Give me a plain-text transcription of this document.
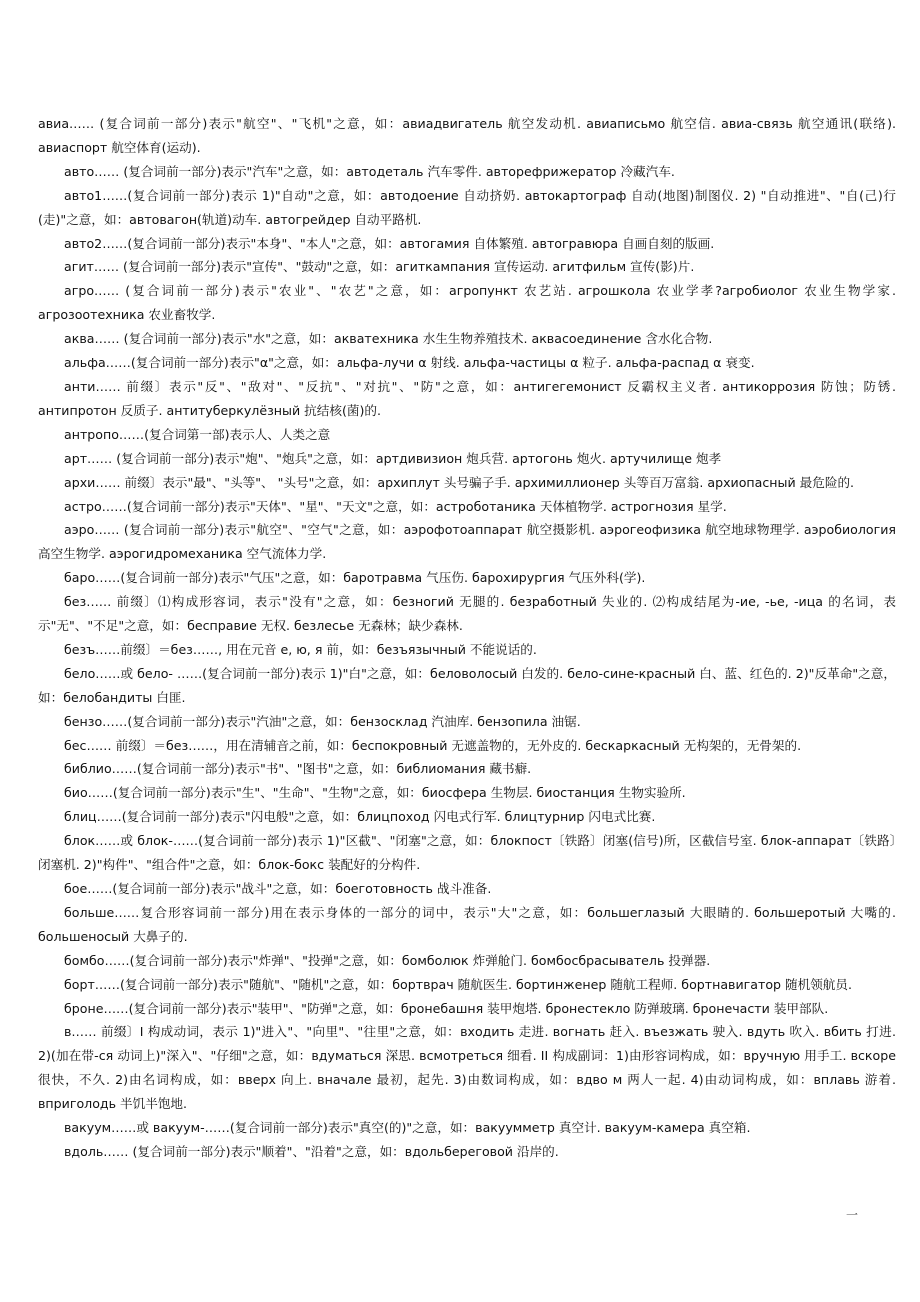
авиа…… (复合词前一部分)表示"航空"、"飞机"之意，如：авиадвигатель 航空发动机. авиаписьмо 航空信. авиа-связь 航空通讯(联络). авиаспорт 航空体育(运动).

авто…… (复合词前一部分)表示"汽车"之意，如：автодеталь 汽车零件. авторефрижератор 冷藏汽车.

авто1……(复合词前一部分)表示 1)"自动"之意，如：автодоение 自动挤奶. автокартограф 自动(地图)制图仪. 2) "自动推进"、"自(己)行(走)"之意，如：автовагон(轨道)动车. автогрейдер 自动平路机.

авто2……(复合词前一部分)表示"本身"、"本人"之意，如：автогамия 自体繁殖. автогравюра 自画自刻的版画.

агит…… (复合词前一部分)表示"宣传"、"鼓动"之意，如：агиткампания 宣传运动. агитфильм 宣传(影)片.

агро…… (复合词前一部分)表示"农业"、"农艺"之意，如：агропункт 农艺站. агрошкола 农业学孝?агробиолог 农业生物学家. агрозоотехника 农业畜牧学.

аква…… (复合词前一部分)表示"水"之意，如：акватехника 水生生物养殖技术. аквасоединение 含水化合物.

альфа……(复合词前一部分)表示"α"之意，如：альфа-лучи α 射线. альфа-частицы α 粒子. альфа-распад α 衰变.

анти…… 前缀〕表示"反"、"敌对"、"反抗"、"对抗"、"防"之意，如：антигегемонист 反霸权主义者. антикоррозия 防蚀；防锈. антипротон 反质子. антитуберкулёзный 抗结核(菌)的.

антропо……(复合词第一部)表示人、人类之意

арт…… (复合词前一部分)表示"炮"、"炮兵"之意，如：артдивизион 炮兵营. артогонь 炮火. артучилище 炮孝

архи…… 前缀〕表示"最"、"头等"、 "头号"之意，如：архиплут 头号骗子手. архимиллионер 头等百万富翁. архиопасный 最危险的.

астро……(复合词前一部分)表示"天体"、"星"、"天文"之意，如：астроботаника 天体植物学. астрогнозия 星学.

аэро…… (复合词前一部分)表示"航空"、"空气"之意，如：аэрофотоаппарат 航空摄影机. аэрогеофизика 航空地球物理学. аэробиология 高空生物学. аэрогидромеханика 空气流体力学.

баро……(复合词前一部分)表示"气压"之意，如：баротравма 气压伤. барохирургия 气压外科(学).

без…… 前缀〕⑴构成形容词，表示"没有"之意，如：безногий 无腿的. безработный 失业的. ⑵构成结尾为-ие, -ье, -ица 的名词，表示"无"、"不足"之意，如：бесправие 无权. безлесье 无森林；缺少森林.

безъ……前缀〕＝без……, 用在元音 е, ю, я 前，如：безъязычный 不能说话的.

бело……或 бело- ……(复合词前一部分)表示 1)"白"之意，如：беловолосый 白发的. бело-сине-красный 白、蓝、红色的. 2)"反革命"之意，如：белобандиты 白匪.

бензо……(复合词前一部分)表示"汽油"之意，如：бензосклад 汽油库. бензопила 油锯.

бес…… 前缀〕＝без……，用在清辅音之前，如：беспокровный 无遮盖物的，无外皮的. бескаркасный 无构架的，无骨架的.

библио……(复合词前一部分)表示"书"、"图书"之意，如：библиомания 藏书癖.

био……(复合词前一部分)表示"生"、"生命"、"生物"之意，如：биосфера 生物层. биостанция 生物实验所.

блиц……(复合词前一部分)表示"闪电般"之意，如：блицпоход 闪电式行军. блицтурнир 闪电式比赛.

блок……或 блок-……(复合词前一部分)表示 1)"区截"、"闭塞"之意，如：блокпост〔铁路〕闭塞(信号)所，区截信号室. блок-аппарат〔铁路〕闭塞机. 2)"构件"、"组合件"之意，如：блок-бокс 装配好的分构件.

бое……(复合词前一部分)表示"战斗"之意，如：боеготовность 战斗准备.

больше……复合形容词前一部分)用在表示身体的一部分的词中，表示"大"之意，如：большеглазый 大眼睛的. большеротый 大嘴的. большеносый 大鼻子的.

бомбо……(复合词前一部分)表示"炸弹"、"投弹"之意，如：бомболюк 炸弹舱门. бомбосбрасыватель 投弹器.

борт……(复合词前一部分)表示"随航"、"随机"之意，如：бортврач 随航医生. бортинженер 随航工程师. бортнавигатор 随机领航员.

броне……(复合词前一部分)表示"装甲"、"防弹"之意，如：бронебашня 装甲炮塔. бронестекло 防弹玻璃. бронечасти 装甲部队.

в…… 前缀〕I 构成动词，表示 1)"进入"、"向里"、"往里"之意，如：входить 走进. вогнать 赶入. въезжать 驶入. вдуть 吹入. вбить 打进. 2)(加在带-ся 动词上)"深入"、"仔细"之意，如：вдуматься 深思. всмотреться 细看. II 构成副词：1)由形容词构成，如：вручную 用手工. вскоре 很快，不久. 2)由名词构成，如：вверх 向上. вначале 最初，起先. 3)由数词构成，如：вдво м 两人一起. 4)由动词构成，如：вплавь 游着. вприголодь 半饥半饱地.

вакуум……或 вакуум-……(复合词前一部分)表示"真空(的)"之意，如：вакуумметр 真空计. вакуум-камера 真空箱.

вдоль…… (复合词前一部分)表示"顺着"、"沿着"之意，如：вдольбереговой 沿岸的.

一
